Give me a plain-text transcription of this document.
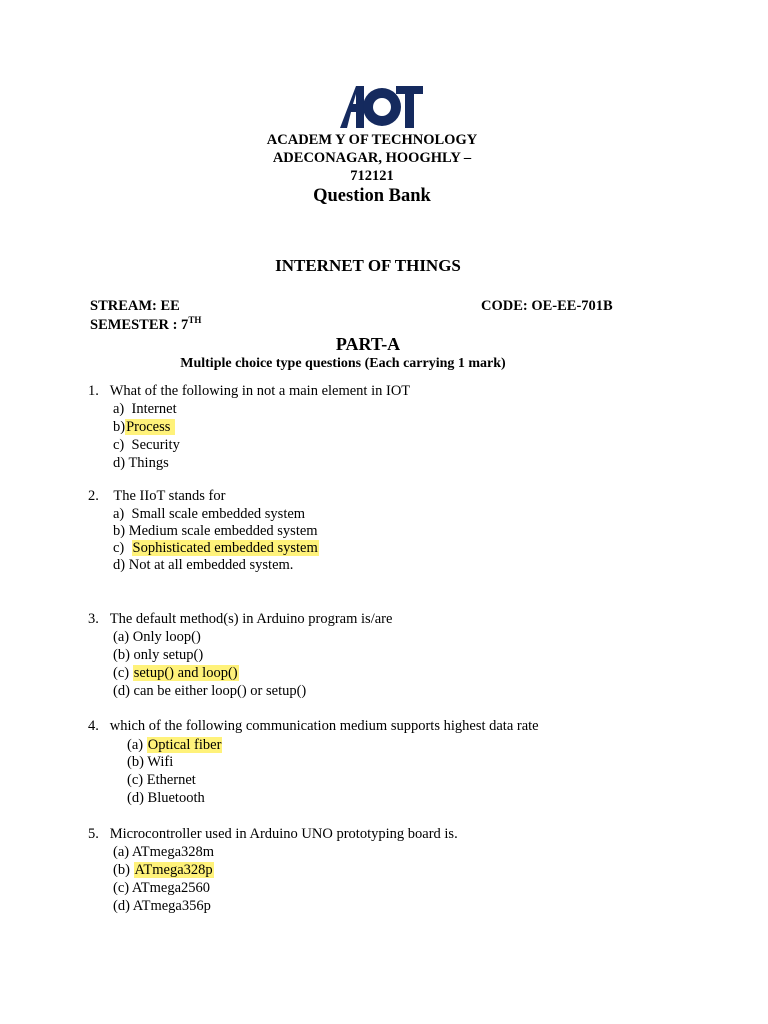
ACADEM Y OF TECHNOLOGY
ADECONAGAR, HOOGHLY –
712121
Question Bank
INTERNET OF THINGS
STREAM: EE	CODE: OE-EE-701B
SEMESTER : 7TH
PART-A
Multiple choice type questions (Each carrying 1 mark)
1. What of the following in not a main element in IOT
a)  Internet
b)Process
c)  Security
d) Things
2. The IIoT stands for
a)  Small scale embedded system
b) Medium scale embedded system
c)  Sophisticated embedded system
d) Not at all embedded system.
3. The default method(s) in Arduino program is/are
(a) Only loop()
(b) only setup()
(c) setup() and loop()
(d) can be either loop() or setup()
4. which of the following communication medium supports highest data rate
(a) Optical fiber
(b) Wifi
(c) Ethernet
(d) Bluetooth
5. Microcontroller used in Arduino UNO prototyping board is.
(a) ATmega328m
(b) ATmega328p
(c) ATmega2560
(d) ATmega356p
